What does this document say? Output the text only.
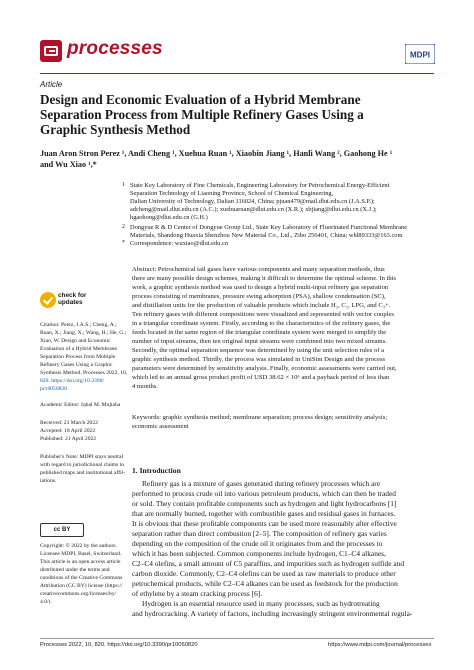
processes	MDPI
Article
Design and Economic Evaluation of a Hybrid Membrane
Separation Process from Multiple Refinery Gases Using a
Graphic Synthesis Method
Juan Aron Stron Perez ¹, Andi Cheng ¹, Xuehua Ruan ¹, Xiaobin Jiang ¹, Hanli Wang ², Gaohong He ¹
and Wu Xiao ¹,*
1 State Key Laboratory of Fine Chemicals, Engineering Laboratory for Petrochemical Energy-Efficient
Separation Technology of Liaoning Province, School of Chemical Engineering,
Dalian University of Technology, Dalian 116024, China; pjuan479@mail.dlut.edu.cn (J.A.S.P.);
adcheng@mail.dlut.edu.cn (A.C.); xuehuaruan@dlut.edu.cn (X.R.); xbjiang@dlut.edu.cn (X.J.);
hgaohong@dlut.edu.cn (G.H.)
2 Dongyue R & D Center of Dongyue Group Ltd., State Key Laboratory of Fluorinated Functional Membrane
Materials, Shandong Huaxia Shenzhou New Material Co., Ltd., Zibo 256401, China; whl89333@163.com
* Correspondence: wuxiao@dlut.edu.cn
Abstract: Petrochemical tail gases have various components and many separation methods, thus
there are many possible design schemes, making it difficult to determine the optimal scheme. In this
work, a graphic synthesis method was used to design a hybrid multi-input refinery gas separation
process consisting of membranes, pressure swing adsorption (PSA), shallow condensation (SC),
and distillation units for the production of valuable products which include H₂, C₂, LPG, and C₃+.
Ten refinery gases with different compositions were visualized and represented with vector couples
in a triangular coordinate system. Firstly, according to the characteristics of the refinery gases, the
feeds located in the same region of the triangular coordinate system were merged to simplify the
number of input streams, then ten original input streams were combined into two mixed streams.
Secondly, the optimal separation sequence was determined by using the unit selection rules of a
graphic synthesis method. Thirdly, the process was simulated in UniSim Design and the process
parameters were determined by sensitivity analysis. Finally, economic assessments were carried out,
which led to an annual gross product profit of USD 38.62 × 10⁶ and a payback period of less than
4 months.
Keywords: graphic synthesis method; membrane separation; process design; sensitivity analysis;
economic assessment
check for
updates
Citation: Perez, J.A.S.; Cheng, A.;
Ruan, X.; Jiang, X.; Wang, H.; He, G.;
Xiao, W. Design and Economic
Evaluation of a Hybrid Membrane
Separation Process from Multiple
Refinery Gases Using a Graphic
Synthesis Method. Processes 2022, 10,
820. https://doi.org/10.3390/
pr10050820
Academic Editor: Iqbal M. Mujtaba
Received: 23 March 2022
Accepted: 18 April 2022
Published: 21 April 2022
Publisher's Note: MDPI stays neutral
with regard to jurisdictional claims in
published maps and institutional affil-
iations.
cc BY
Copyright: © 2022 by the authors.
Licensee MDPI, Basel, Switzerland.
This article is an open access article
distributed under the terms and
conditions of the Creative Commons
Attribution (CC BY) license (https://
creativecommons.org/licenses/by/
4.0/).
1. Introduction
Refinery gas is a mixture of gases generated during refinery processes which are
performed to process crude oil into various petroleum products, which can then be traded
or sold. They contain profitable components such as hydrogen and light hydrocarbons [1]
that are normally burned, together with combustible gases and residual gases in furnaces.
It is obvious that these profitable components can be used more reasonably after effective
separation rather than direct combustion [2–5]. The composition of refinery gas varies
depending on the composition of the crude oil it originates from and the processes to
which it has been subjected. Common components include hydrogen, C1–C4 alkanes,
C2–C4 olefins, a small amount of C5 paraffins, and impurities such as hydrogen sulfide and
carbon dioxide. Commonly, C2–C4 olefins can be used as raw materials to produce other
petrochemical products, while C2–C4 alkanes can be used as feedstock for the production
of ethylene by a steam cracking process [6].
Hydrogen is an essential resource used in many processes, such as hydrotreating
and hydrocracking. A variety of factors, including increasingly stringent environmental regula-
Processes 2022, 10, 820. https://doi.org/10.3390/pr10050820	https://www.mdpi.com/journal/processes
